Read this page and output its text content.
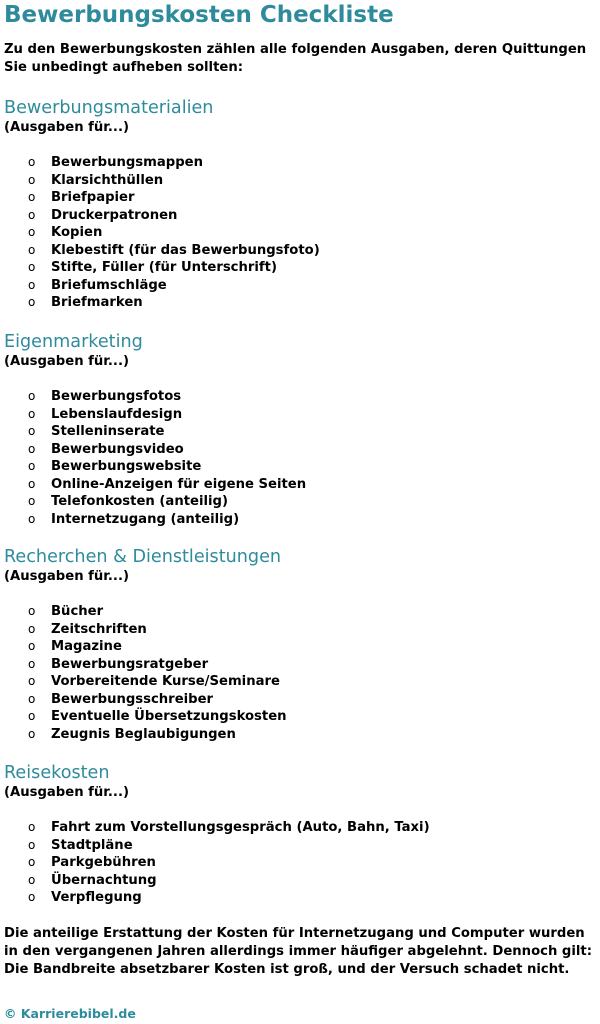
Bewerbungskosten Checkliste

Zu den Bewerbungskosten zählen alle folgenden Ausgaben, deren Quittungen Sie unbedingt aufheben sollten:

Bewerbungsmaterialien
(Ausgaben für...)
o Bewerbungsmappen
o Klarsichthüllen
o Briefpapier
o Druckerpatronen
o Kopien
o Klebestift (für das Bewerbungsfoto)
o Stifte, Füller (für Unterschrift)
o Briefumschläge
o Briefmarken
Eigenmarketing
(Ausgaben für...)
o Bewerbungsfotos
o Lebenslaufdesign
o Stelleninserate
o Bewerbungsvideo
o Bewerbungswebsite
o Online-Anzeigen für eigene Seiten
o Telefonkosten (anteilig)
o Internetzugang (anteilig)
Recherchen & Dienstleistungen
(Ausgaben für...)
o Bücher
o Zeitschriften
o Magazine
o Bewerbungsratgeber
o Vorbereitende Kurse/Seminare
o Bewerbungsschreiber
o Eventuelle Übersetzungskosten
o Zeugnis Beglaubigungen
Reisekosten
(Ausgaben für...)
o Fahrt zum Vorstellungsgespräch (Auto, Bahn, Taxi)
o Stadtpläne
o Parkgebühren
o Übernachtung
o Verpflegung

Die anteilige Erstattung der Kosten für Internetzugang und Computer wurden in den vergangenen Jahren allerdings immer häufiger abgelehnt. Dennoch gilt: Die Bandbreite absetzbarer Kosten ist groß, und der Versuch schadet nicht.

© Karrierebibel.de
